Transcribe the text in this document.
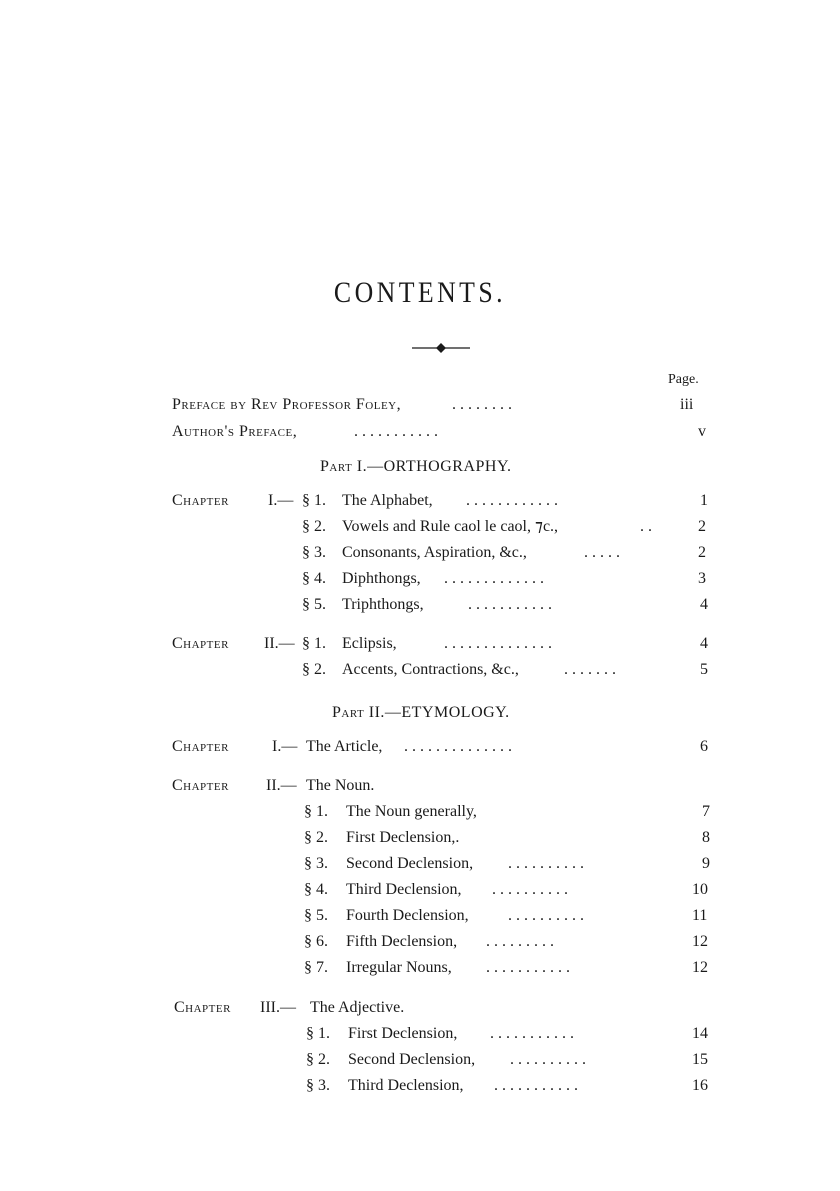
CONTENTS.
Page.
Preface by Rev Professor Foley,	. . . . . . . .	iii
Author's Preface,	. . . . . . . . . . .	v
Part I.—ORTHOGRAPHY.
Chapter I.— § 1. The Alphabet, . . . . . . . . . . . .	1
§ 2. Vowels and Rule caol le caol, ⁊c.,	. .	2
§ 3. Consonants, Aspiration, &c.,	. . . . .	2
§ 4. Diphthongs, . . . . . . . . . . . . .	3
§ 5. Triphthongs,	. . . . . . . . . . .	4
Chapter II.— § 1. Eclipsis,	. . . . . . . . . . . . . .	4
§ 2. Accents, Contractions, &c.,	. . . . . . .	5
Part II.—ETYMOLOGY.
Chapter	I.— The Article, . . . . . . . . . . . . . .	6
Chapter II.— The Noun.
§ 1. The Noun generally,	7
§ 2. First Declension,.	8
§ 3. Second Declension, . . . . . . . . . .	9
§ 4. Third Declension, . . . . . . . . . .	10
§ 5. Fourth Declension, . . . . . . . . . .	11
§ 6. Fifth Declension, . . . . . . . . .	12
§ 7. Irregular Nouns, . . . . . . . . . . .	12
Chapter III.— The Adjective.
§ 1. First Declension, . . . . . . . . . . .	14
§ 2. Second Declension, . . . . . . . . . .	15
§ 3. Third Declension, . . . . . . . . . . .	16
